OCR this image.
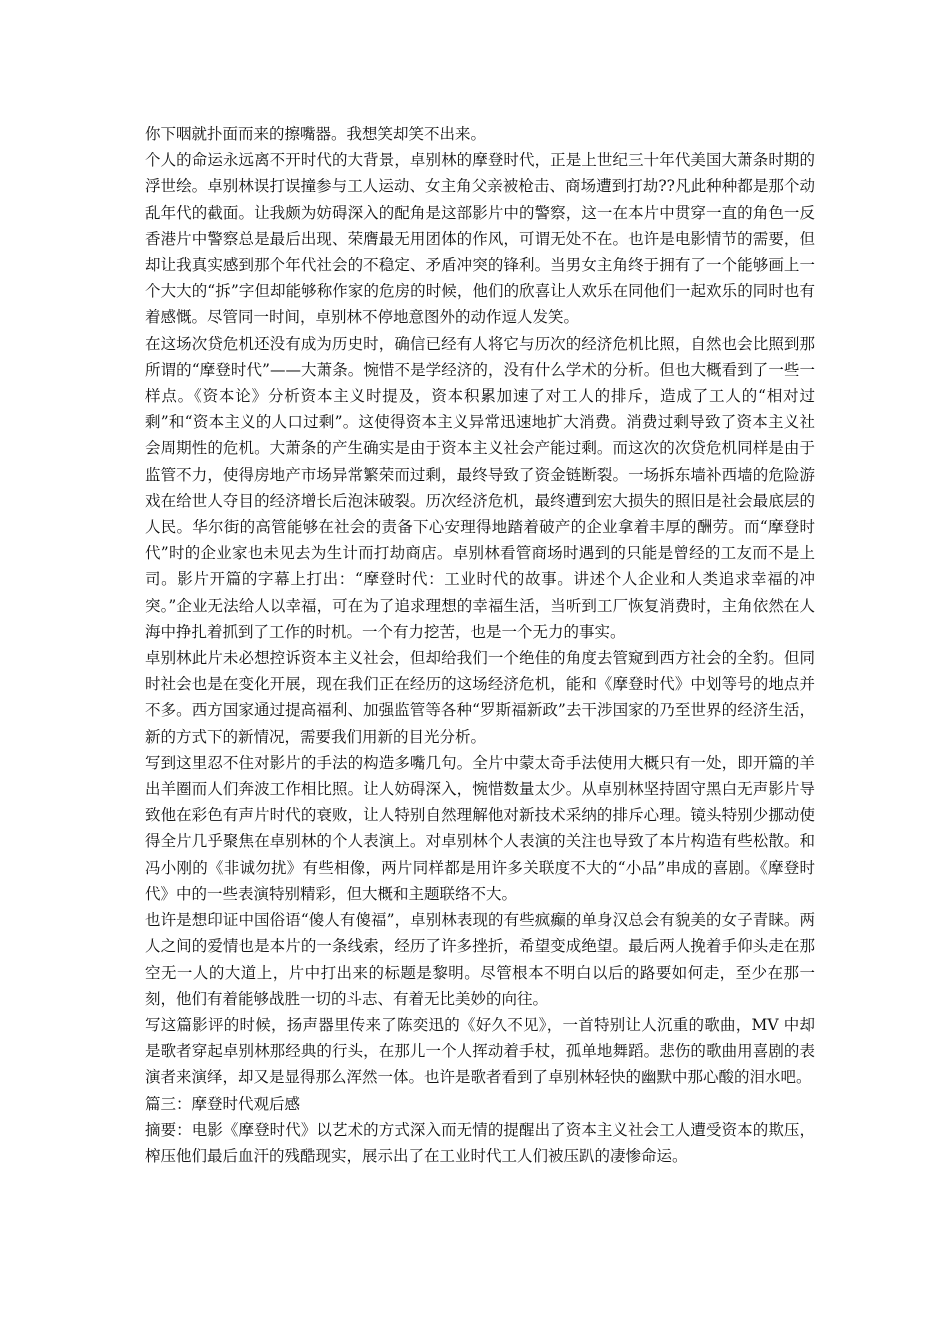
你下咽就扑面而来的擦嘴器。我想笑却笑不出来。

个人的命运永远离不开时代的大背景，卓别林的摩登时代，正是上世纪三十年代美国大萧条时期的浮世绘。卓别林误打误撞参与工人运动、女主角父亲被枪击、商场遭到打劫??凡此种种都是那个动乱年代的截面。让我颇为妨碍深入的配角是这部影片中的警察，这一在本片中贯穿一直的角色一反香港片中警察总是最后出现、荣膺最无用团体的作风，可谓无处不在。也许是电影情节的需要，但却让我真实感到那个年代社会的不稳定、矛盾冲突的锋利。当男女主角终于拥有了一个能够画上一个大大的“拆”字但却能够称作家的危房的时候，他们的欣喜让人欢乐在同他们一起欢乐的同时也有着感慨。尽管同一时间，卓别林不停地意图外的动作逗人发笑。

在这场次贷危机还没有成为历史时，确信已经有人将它与历次的经济危机比照，自然也会比照到那所谓的“摩登时代”——大萧条。惋惜不是学经济的，没有什么学术的分析。但也大概看到了一些一样点。《资本论》分析资本主义时提及，资本积累加速了对工人的排斥，造成了工人的“相对过剩”和“资本主义的人口过剩”。这使得资本主义异常迅速地扩大消费。消费过剩导致了资本主义社会周期性的危机。大萧条的产生确实是由于资本主义社会产能过剩。而这次的次贷危机同样是由于监管不力，使得房地产市场异常繁荣而过剩，最终导致了资金链断裂。一场拆东墙补西墙的危险游戏在给世人夺目的经济增长后泡沫破裂。历次经济危机，最终遭到宏大损失的照旧是社会最底层的人民。华尔街的高管能够在社会的责备下心安理得地踏着破产的企业拿着丰厚的酬劳。而“摩登时代”时的企业家也未见去为生计而打劫商店。卓别林看管商场时遇到的只能是曾经的工友而不是上司。影片开篇的字幕上打出：“摩登时代：工业时代的故事。讲述个人企业和人类追求幸福的冲突。”企业无法给人以幸福，可在为了追求理想的幸福生活，当听到工厂恢复消费时，主角依然在人海中挣扎着抓到了工作的时机。一个有力挖苦，也是一个无力的事实。

卓别林此片未必想控诉资本主义社会，但却给我们一个绝佳的角度去管窥到西方社会的全豹。但同时社会也是在变化开展，现在我们正在经历的这场经济危机，能和《摩登时代》中划等号的地点并不多。西方国家通过提高福利、加强监管等各种“罗斯福新政”去干涉国家的乃至世界的经济生活，新的方式下的新情况，需要我们用新的目光分析。

写到这里忍不住对影片的手法的构造多嘴几句。全片中蒙太奇手法使用大概只有一处，即开篇的羊出羊圈而人们奔波工作相比照。让人妨碍深入，惋惜数量太少。从卓别林坚持固守黑白无声影片导致他在彩色有声片时代的衰败，让人特别自然理解他对新技术采纳的排斥心理。镜头特别少挪动使得全片几乎聚焦在卓别林的个人表演上。对卓别林个人表演的关注也导致了本片构造有些松散。和冯小刚的《非诚勿扰》有些相像，两片同样都是用许多关联度不大的“小品”串成的喜剧。《摩登时代》中的一些表演特别精彩，但大概和主题联络不大。

也许是想印证中国俗语“傻人有傻福”，卓别林表现的有些疯癫的单身汉总会有貌美的女子青睐。两人之间的爱情也是本片的一条线索，经历了许多挫折，希望变成绝望。最后两人挽着手仰头走在那空无一人的大道上，片中打出来的标题是黎明。尽管根本不明白以后的路要如何走，至少在那一刻，他们有着能够战胜一切的斗志、有着无比美妙的向往。

写这篇影评的时候，扬声器里传来了陈奕迅的《好久不见》，一首特别让人沉重的歌曲，MV 中却是歌者穿起卓别林那经典的行头，在那儿一个人挥动着手杖，孤单地舞蹈。悲伤的歌曲用喜剧的表演者来演绎，却又是显得那么浑然一体。也许是歌者看到了卓别林轻快的幽默中那心酸的泪水吧。

篇三：摩登时代观后感

摘要：电影《摩登时代》以艺术的方式深入而无情的提醒出了资本主义社会工人遭受资本的欺压，榨压他们最后血汗的残酷现实，展示出了在工业时代工人们被压趴的凄惨命运。
